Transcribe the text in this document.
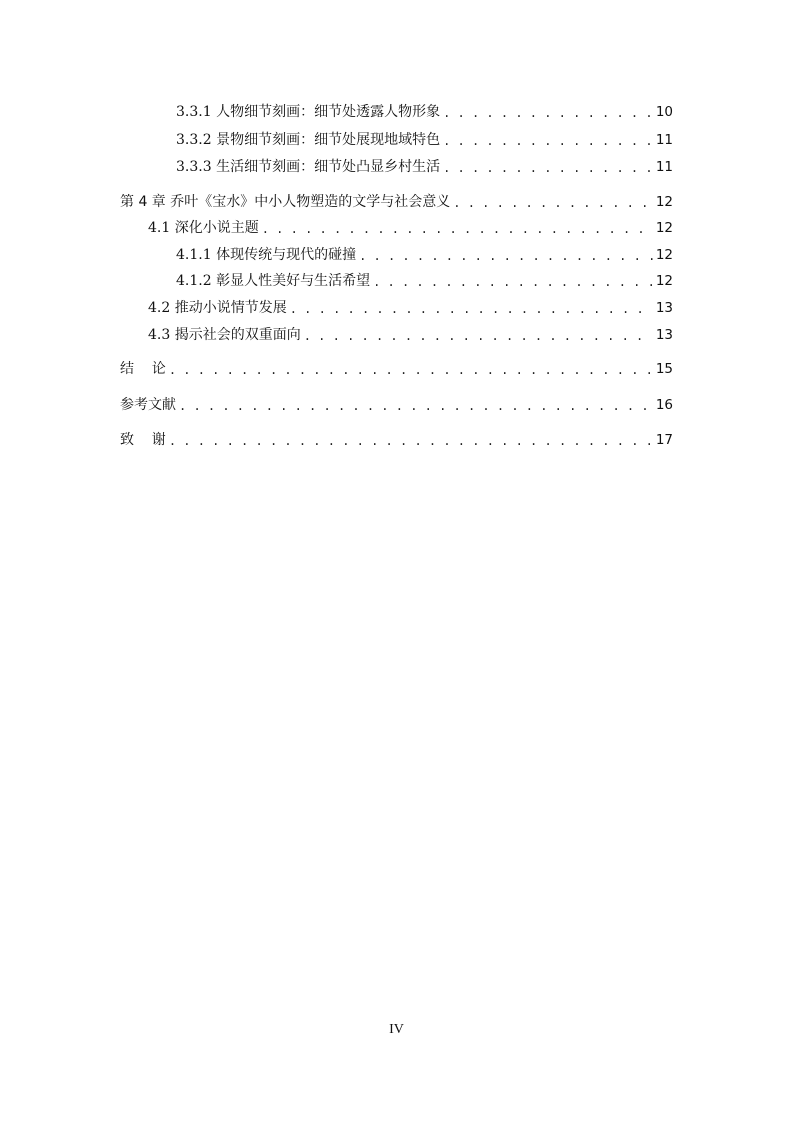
3.3.1 人物细节刻画：细节处透露人物形象 . . .	10
3.3.2 景物细节刻画：细节处展现地域特色 . . .	11
3.3.3 生活细节刻画：细节处凸显乡村生活 . . .	11
第 4 章 乔叶《宝水》中小人物塑造的文学与社会意义 . . .	12
4.1 深化小说主题 . . .	12
4.1.1 体现传统与现代的碰撞 . . .	12
4.1.2 彰显人性美好与生活希望 . . .	12
4.2 推动小说情节发展 . . .	13
4.3 揭示社会的双重面向 . . .	13
结    论 . . .	15
参考文献 . . .	16
致    谢 . . .	17
IV
